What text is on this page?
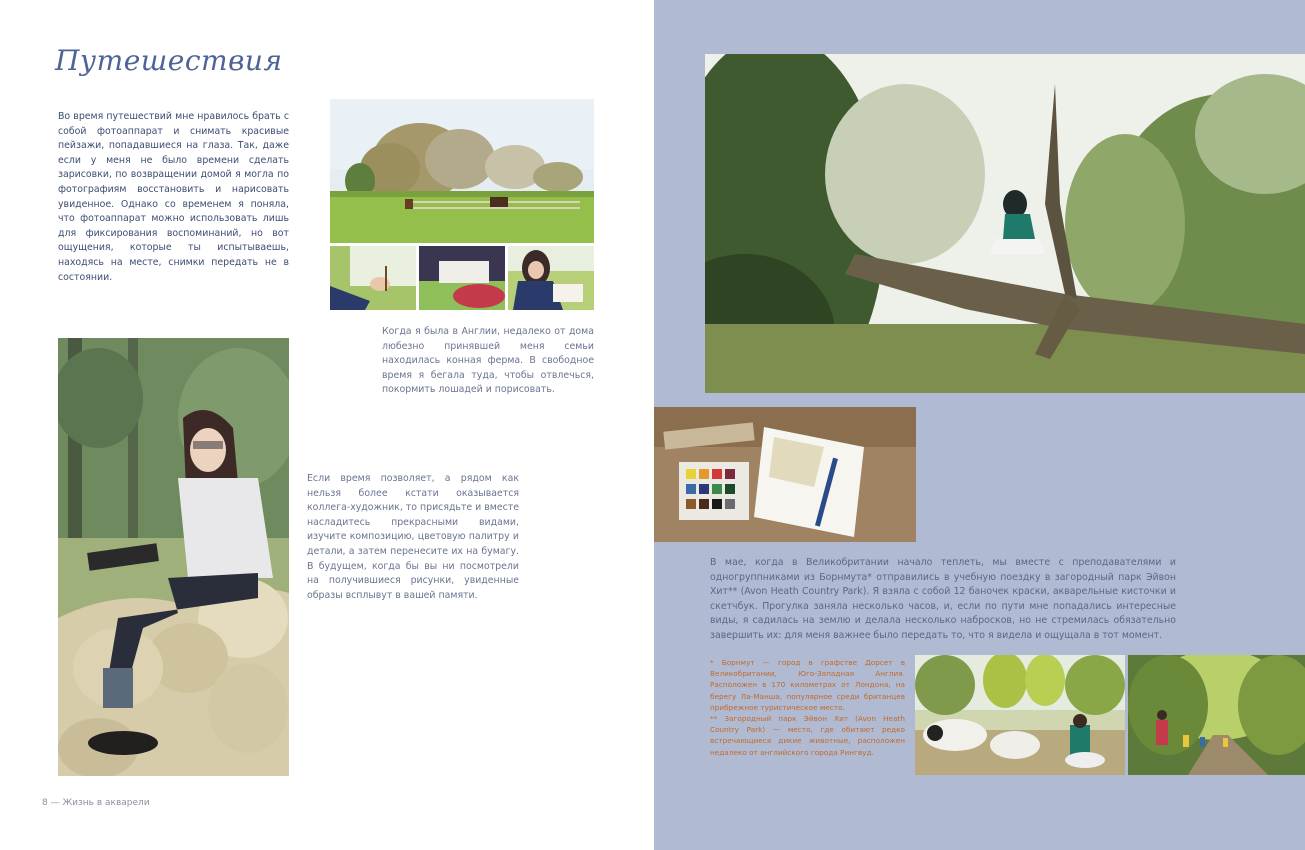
Путешествия

Во время путешествий мне нравилось брать с собой фотоаппарат и снимать красивые пейзажи, попадавшиеся на глаза. Так, даже если у меня не было времени сделать зарисовки, по возвращении домой я могла по фотографиям восстановить и нарисовать увиденное. Однако со временем я поняла, что фотоаппарат можно использовать лишь для фиксирования воспоминаний, но вот ощущения, которые ты испытываешь, находясь на месте, снимки передать не в состоянии.

Когда я была в Англии, недалеко от дома любезно принявшей меня семьи находилась конная ферма. В свободное время я бегала туда, чтобы отвлечься, покормить лошадей и порисовать.

Если время позволяет, а рядом как нельзя более кстати оказывается коллега-художник, то присядьте и вместе насладитесь прекрасными видами, изучите композицию, цветовую палитру и детали, а затем перенесите их на бумагу. В будущем, когда бы вы ни посмотрели на получившиеся рисунки, увиденные образы всплывут в вашей памяти.

8 — Жизнь в акварели

В мае, когда в Великобритании начало теплеть, мы вместе с преподавателями и одногруппниками из Борнмута* отправились в учебную поездку в загородный парк Эйвон Хит** (Avon Heath Country Park). Я взяла с собой 12 баночек краски, акварельные кисточки и скетчбук. Прогулка заняла несколько часов, и, если по пути мне попадались интересные виды, я садилась на землю и делала несколько набросков, но не стремилась обязательно завершить их: для меня важнее было передать то, что я видела и ощущала в тот момент.

* Борнмут — город в графстве Дорсет в Великобритании, Юго-Западная Англия. Расположен в 170 километрах от Лондона, на берегу Ла-Манша, популярное среди британцев прибрежное туристическое место.

** Загородный парк Эйвон Хит (Avon Heath Country Park) — место, где обитают редко встречающиеся дикие животные, расположен недалеко от английского города Рингвуд.
